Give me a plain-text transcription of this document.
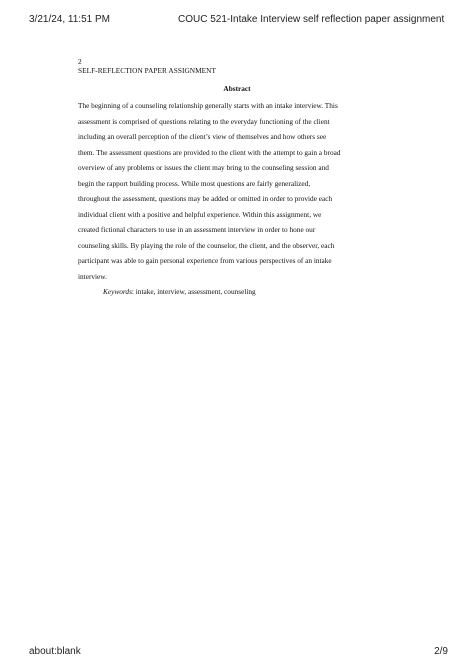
3/21/24, 11:51 PM	COUC 521-Intake Interview self reflection paper assignment
2
SELF-REFLECTION PAPER ASSIGNMENT
Abstract
The beginning of a counseling relationship generally starts with an intake interview. This
assessment is comprised of questions relating to the everyday functioning of the client
including an overall perception of the client’s view of themselves and how others see
them. The assessment questions are provided to the client with the attempt to gain a broad
overview of any problems or issues the client may bring to the counseling session and
begin the rapport building process. While most questions are fairly generalized,
throughout the assessment, questions may be added or omitted in order to provide each
individual client with a positive and helpful experience. Within this assignment, we
created fictional characters to use in an assessment interview in order to hone our
counseling skills. By playing the role of the counselor, the client, and the observer, each
participant was able to gain personal experience from various perspectives of an intake
interview.
Keywords: intake, interview, assessment, counseling
about:blank	2/9
